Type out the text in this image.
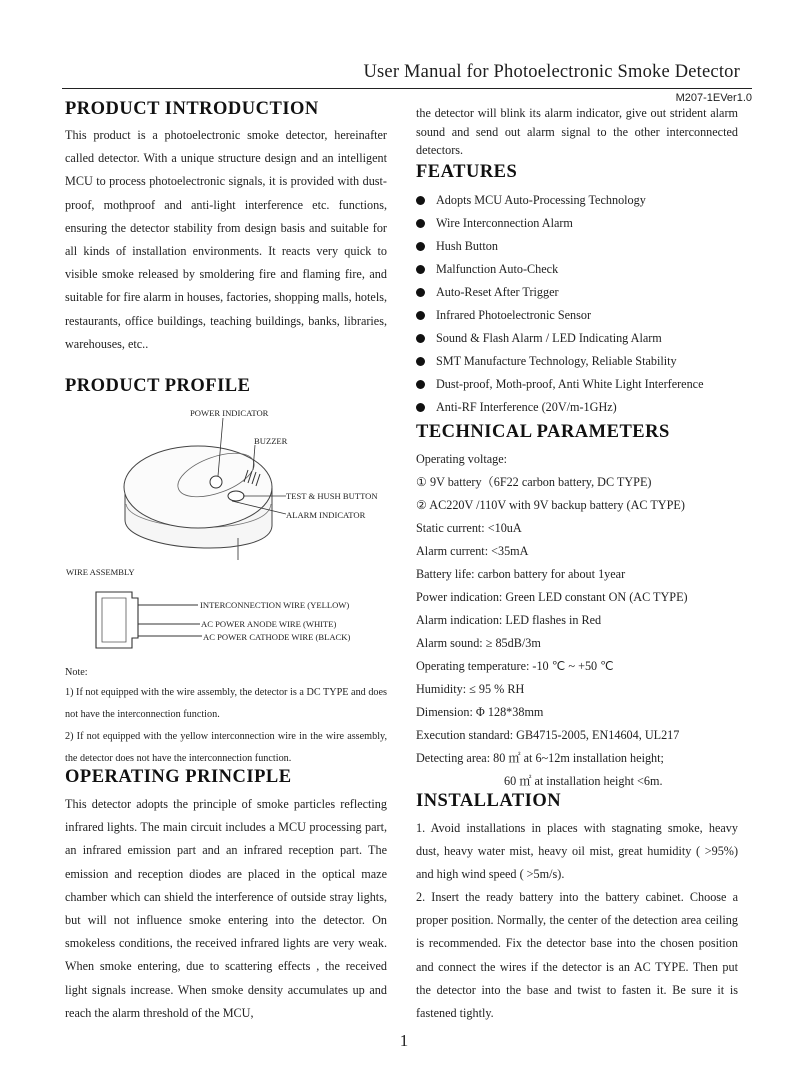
User Manual for Photoelectronic Smoke Detector
M207-1EVer1.0
PRODUCT INTRODUCTION
This product is a photoelectronic smoke detector, hereinafter called detector. With a unique structure design and an intelligent MCU to process photoelectronic signals, it is provided with dust-proof, mothproof and anti-light interference etc. functions, ensuring the detector stability from design basis and suitable for all kinds of installation environments. It reacts very quick to visible smoke released by smoldering fire and flaming fire, and suitable for fire alarm in houses, factories, shopping malls, hotels, restaurants, office buildings, teaching buildings, banks, libraries, warehouses, etc..
PRODUCT PROFILE
POWER INDICATOR
BUZZER
TEST & HUSH BUTTON
ALARM INDICATOR
WIRE ASSEMBLY
INTERCONNECTION WIRE (YELLOW)
AC POWER ANODE WIRE (WHITE)
AC POWER CATHODE WIRE (BLACK)
Note:
1) If not equipped with the wire assembly, the detector is a DC TYPE and does not have the interconnection function.
2) If not equipped with the yellow interconnection wire in the wire assembly, the detector does not have the interconnection function.
OPERATING PRINCIPLE
This detector adopts the principle of smoke particles reflecting infrared lights. The main circuit includes a MCU processing part, an infrared emission part and an infrared reception part. The emission and reception diodes are placed in the optical maze chamber which can shield the interference of outside stray lights, but will not influence smoke entering into the detector. On smokeless conditions, the received infrared lights are very weak. When smoke entering, due to scattering effects , the received light signals increase. When smoke density accumulates up and reach the alarm threshold of the MCU,
the detector will blink its alarm indicator, give out strident alarm sound and send out alarm signal to the other interconnected detectors.
FEATURES
Adopts MCU Auto-Processing Technology
Wire Interconnection Alarm
Hush Button
Malfunction Auto-Check
Auto-Reset After Trigger
Infrared Photoelectronic Sensor
Sound & Flash Alarm / LED Indicating Alarm
SMT Manufacture Technology, Reliable Stability
Dust-proof, Moth-proof, Anti White Light Interference
Anti-RF Interference (20V/m-1GHz)
TECHNICAL PARAMETERS
Operating voltage:
① 9V battery（6F22 carbon battery, DC TYPE)
② AC220V /110V with 9V backup battery (AC TYPE)
Static current: <10uA
Alarm current: <35mA
Battery life: carbon battery for about 1year
Power indication: Green LED constant ON (AC TYPE)
Alarm indication: LED flashes in Red
Alarm sound: ≥ 85dB/3m
Operating temperature: -10 ℃ ~ +50 ℃
Humidity: ≤ 95 % RH
Dimension: Φ 128*38mm
Execution standard: GB4715-2005, EN14604, UL217
Detecting area: 80 ㎡ at 6~12m installation height;
60 ㎡ at installation height <6m.
INSTALLATION
1. Avoid installations in places with stagnating smoke, heavy dust, heavy water mist, heavy oil mist, great humidity ( >95%) and high wind speed ( >5m/s).
2. Insert the ready battery into the battery cabinet. Choose a proper position. Normally, the center of the detection area ceiling is recommended. Fix the detector base into the chosen position and connect the wires if the detector is an AC TYPE. Then put the detector into the base and twist to fasten it. Be sure it is fastened tightly.
1
